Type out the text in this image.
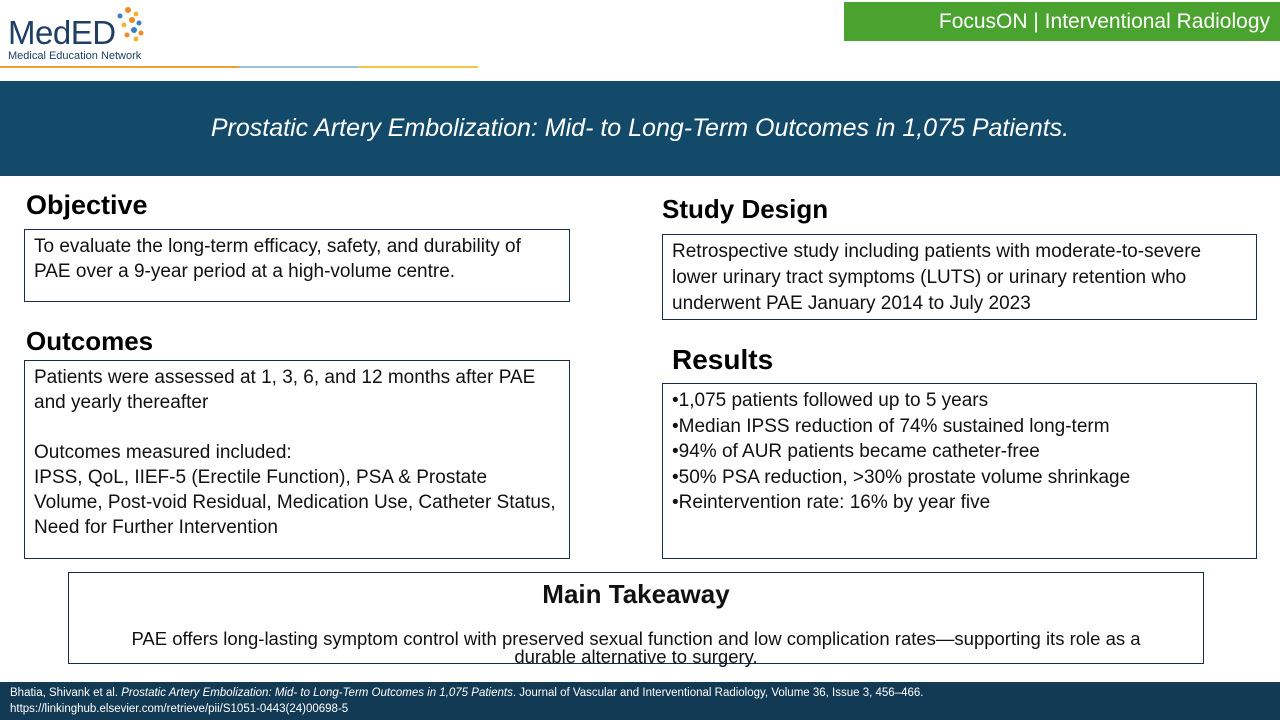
MedED
Medical Education Network
FocusON | Interventional Radiology
Prostatic Artery Embolization: Mid- to Long-Term Outcomes in 1,075 Patients.
Objective
To evaluate the long-term efficacy, safety, and durability of PAE over a 9-year period at a high-volume centre.
Study Design
Retrospective study including patients with moderate-to-severe lower urinary tract symptoms (LUTS) or urinary retention who underwent PAE January 2014 to July 2023
Outcomes
Patients were assessed at 1, 3, 6, and 12 months after PAE and yearly thereafter
Outcomes measured included:
IPSS, QoL, IIEF-5 (Erectile Function), PSA & Prostate Volume, Post-void Residual, Medication Use, Catheter Status, Need for Further Intervention
Results
•1,075 patients followed up to 5 years
•Median IPSS reduction of 74% sustained long-term
•94% of AUR patients became catheter-free
•50% PSA reduction, >30% prostate volume shrinkage
•Reintervention rate: 16% by year five
Main Takeaway
PAE offers long-lasting symptom control with preserved sexual function and low complication rates—supporting its role as a durable alternative to surgery.
Bhatia, Shivank et al. Prostatic Artery Embolization: Mid- to Long-Term Outcomes in 1,075 Patients. Journal of Vascular and Interventional Radiology, Volume 36, Issue 3, 456–466.
https://linkinghub.elsevier.com/retrieve/pii/S1051-0443(24)00698-5
